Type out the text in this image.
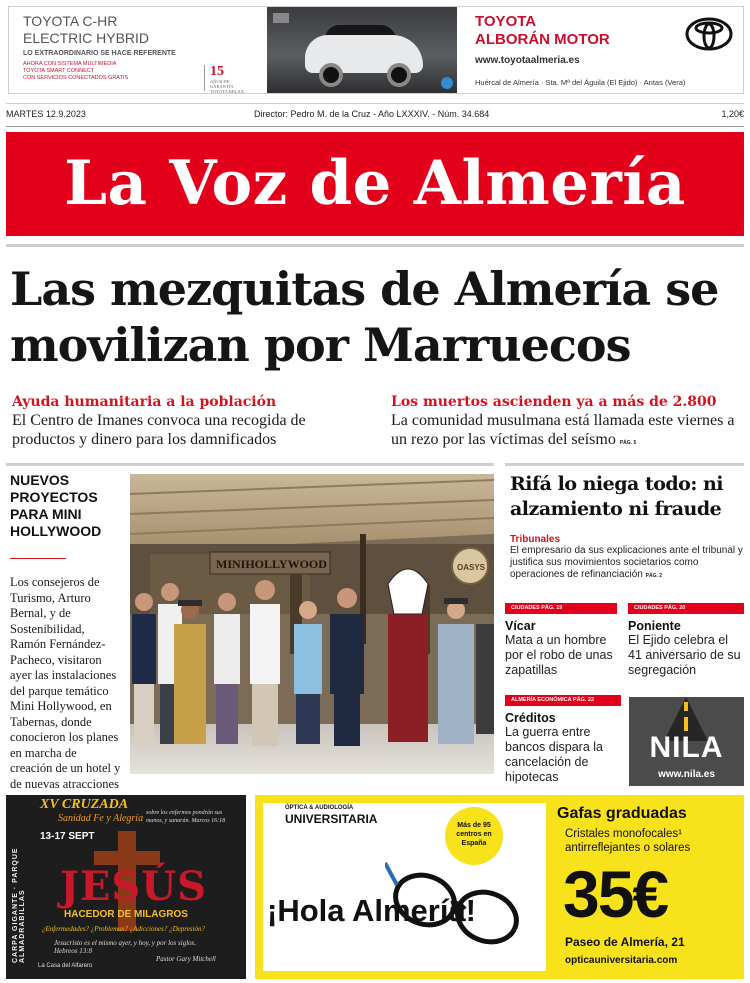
TOYOTA C-HR
ELECTRIC HYBRID
LO EXTRAORDINARIO SE HACE REFERENTE
AHORA CON SISTEMA MULTIMEDIA
TOYOTA SMART CONNECT
CON SERVICIOS CONECTADOS GRATIS	15
AÑOS DE GARANTÍA TOYOTA RELAX
TOYOTA
ALBORÁN MOTOR
www.toyotaalmeria.es
Huércal de Almería · Sta. Mª del Águila (El Ejido) · Antas (Vera)
MARTES 12.9.2023	Director: Pedro M. de la Cruz - Año LXXXIV. - Núm. 34.684	1,20€
La Voz de Almería
Las mezquitas de Almería se movilizan por Marruecos
Ayuda humanitaria a la población
El Centro de Imanes convoca una recogida de productos y dinero para los damnificados
Los muertos ascienden ya a más de 2.800
La comunidad musulmana está llamada este viernes a un rezo por las víctimas del seísmo PÁG. 5
NUEVOS PROYECTOS PARA MINI HOLLYWOOD

Los consejeros de Turismo, Arturo Bernal, y de Sostenibilidad, Ramón Fernández-Pacheco, visitaron ayer las instalaciones del parque temático Mini Hollywood, en Tabernas, donde conocieron los planes en marcha de creación de un hotel y de nuevas atracciones

MINIHOLLYWOOD	OASYS
Rifá lo niega todo: ni alzamiento ni fraude
Tribunales
El empresario da sus explicaciones ante el tribunal y justifica sus movimientos societarios como operaciones de refinanciación PÁG. 2
CIUDADES PÁG. 19
Vícar
Mata a un hombre por el robo de unas zapatillas
CIUDADES PÁG. 20
Poniente
El Ejido celebra el 41 aniversario de su segregación
ALMERÍA ECONÓMICA PÁG. 22
Créditos
La guerra entre bancos dispara la cancelación de hipotecas
NILA
www.nila.es
CARPA GIGANTE · PARQUE ALMADRABILLAS
XV CRUZADA
Sanidad Fe y Alegría
13-17 SEPT
sobre los enfermos pondrán sus manos, y sanarán. Marcos 16:18
JESÚS
HACEDOR DE MILAGROS
¿Enfermedades? ¿Problemas? ¿Adicciones? ¿Depresión?
Jesucristo es el mismo ayer, y hoy, y por los siglos. Hebreos 13:8
Pastor Gary Mitchell
La Casa del Alfarero
ÓPTICA & AUDIOLOGÍA
UNIVERSITARIA	Más de 95 centros en España
¡Hola Almería!
Gafas graduadas
Cristales monofocales¹ antirreflejantes o solares
35€
Paseo de Almería, 21
opticauniversitaria.com
